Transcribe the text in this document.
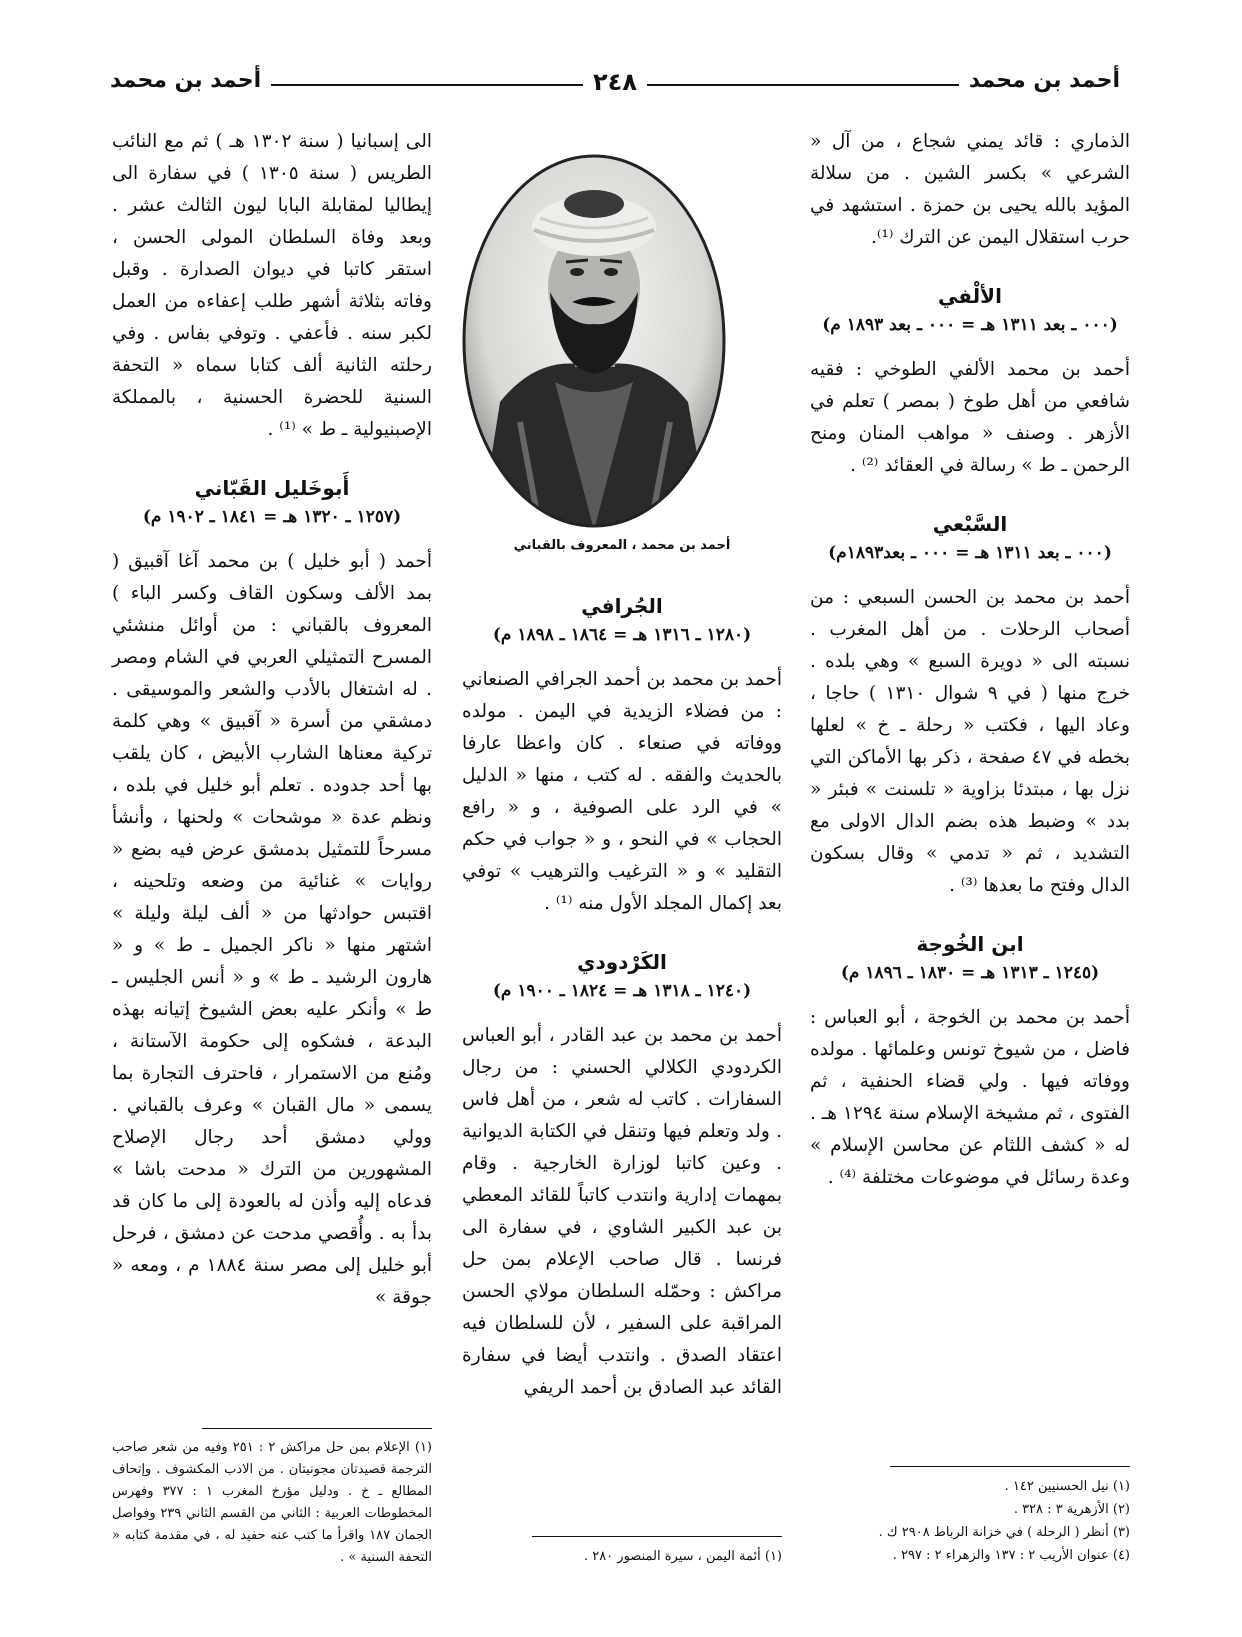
أحمد بن محمد
٢٤٨
أحمد بن محمد

الذماري : قائد يمني شجاع ، من آل « الشرعي » بكسر الشين . من سلالة المؤيد بالله يحيى بن حمزة . استشهد في حرب استقلال اليمن عن الترك ⁽¹⁾.

الألْفي

(٠٠٠ ـ بعد ١٣١١ هـ = ٠٠٠ ـ بعد ١٨٩٣ م)

أحمد بن محمد الألفي الطوخي : فقيه شافعي من أهل طوخ ( بمصر ) تعلم في الأزهر . وصنف « مواهب المنان ومنح الرحمن ـ ط » رسالة في العقائد ⁽²⁾ .

السَّبْعي

(٠٠٠ ـ بعد ١٣١١ هـ = ٠٠٠ ـ بعد١٨٩٣م)

أحمد بن محمد بن الحسن السبعي : من أصحاب الرحلات . من أهل المغرب . نسبته الى « دويرة السبع » وهي بلده . خرج منها ( في ٩ شوال ١٣١٠ ) حاجا ، وعاد اليها ، فكتب « رحلة ـ خ » لعلها بخطه في ٤٧ صفحة ، ذكر بها الأماكن التي نزل بها ، مبتدئا بزاوية « تلسنت » فبئر « بدد » وضبط هذه بضم الدال الاولى مع التشديد ، ثم « تدمي » وقال بسكون الدال وفتح ما بعدها ⁽³⁾ .

ابن الخُوجة

(١٢٤٥ ـ ١٣١٣ هـ = ١٨٣٠ ـ ١٨٩٦ م)

أحمد بن محمد بن الخوجة ، أبو العباس : فاضل ، من شيوخ تونس وعلمائها . مولده ووفاته فيها . ولي قضاء الحنفية ، ثم الفتوى ، ثم مشيخة الإسلام سنة ١٢٩٤ هـ . له « كشف اللثام عن محاسن الإسلام » وعدة رسائل في موضوعات مختلفة ⁽⁴⁾ .

(١) نيل الحسنيين ١٤٢ .

(٢) الأزهرية ٣ : ٣٢٨ .

(٣) أنظر ( الرحلة ) في خزانة الرباط ٢٩٠٨ ك .

(٤) عنوان الأريب ٢ : ١٣٧ والزهراء ٢ : ٢٩٧ .

أحمد بن محمد ، المعروف بالقباني

الجُرافي

(١٢٨٠ ـ ١٣١٦ هـ = ١٨٦٤ ـ ١٨٩٨ م)

أحمد بن محمد بن أحمد الجرافي الصنعاني : من فضلاء الزيدية في اليمن . مولده ووفاته في صنعاء . كان واعظا عارفا بالحديث والفقه . له كتب ، منها « الدليل » في الرد على الصوفية ، و « رافع الحجاب » في النحو ، و « جواب في حكم التقليد » و « الترغيب والترهيب » توفي بعد إكمال المجلد الأول منه ⁽¹⁾ .

الكَرْدودي

(١٢٤٠ ـ ١٣١٨ هـ = ١٨٢٤ ـ ١٩٠٠ م)

أحمد بن محمد بن عبد القادر ، أبو العباس الكردودي الكلالي الحسني : من رجال السفارات . كاتب له شعر ، من أهل فاس . ولد وتعلم فيها وتنقل في الكتابة الديوانية . وعين كاتبا لوزارة الخارجية . وقام بمهمات إدارية وانتدب كاتباً للقائد المعطي بن عبد الكبير الشاوي ، في سفارة الى فرنسا . قال صاحب الإعلام بمن حل مراكش : وحمّله السلطان مولاي الحسن المراقبة على السفير ، لأن للسلطان فيه اعتقاد الصدق . وانتدب أيضا في سفارة القائد عبد الصادق بن أحمد الريفي

(١) أئمة اليمن ، سيرة المنصور ٢٨٠ .

الى إسبانيا ( سنة ١٣٠٢ هـ ) ثم مع النائب الطريس ( سنة ١٣٠٥ ) في سفارة الى إيطاليا لمقابلة البابا ليون الثالث عشر . وبعد وفاة السلطان المولى الحسن ، استقر كاتبا في ديوان الصدارة . وقبل وفاته بثلاثة أشهر طلب إعفاءه من العمل لكبر سنه . فأعفي . وتوفي بفاس . وفي رحلته الثانية ألف كتابا سماه « التحفة السنية للحضرة الحسنية ، بالمملكة الإصبنيولية ـ ط » ⁽¹⁾ .

أَبوخَليل القَبّاني

(١٢٥٧ ـ ١٣٢٠ هـ = ١٨٤١ ـ ١٩٠٢ م)

أحمد ( أبو خليل ) بن محمد آغا آقبيق ( بمد الألف وسكون القاف وكسر الباء ) المعروف بالقباني : من أوائل منشئي المسرح التمثيلي العربي في الشام ومصر . له اشتغال بالأدب والشعر والموسيقى . دمشقي من أسرة « آقبيق » وهي كلمة تركية معناها الشارب الأبيض ، كان يلقب بها أحد جدوده . تعلم أبو خليل في بلده ، ونظم عدة « موشحات » ولحنها ، وأنشأ مسرحاً للتمثيل بدمشق عرض فيه بضع « روايات » غنائية من وضعه وتلحينه ، اقتبس حوادثها من « ألف ليلة وليلة » اشتهر منها « ناكر الجميل ـ ط » و « هارون الرشيد ـ ط » و « أنس الجليس ـ ط » وأنكر عليه بعض الشيوخ إتيانه بهذه البدعة ، فشكوه إلى حكومة الآستانة ، ومُنع من الاستمرار ، فاحترف التجارة بما يسمى « مال القبان » وعرف بالقباني . وولي دمشق أحد رجال الإصلاح المشهورين من الترك « مدحت باشا » فدعاه إليه وأذن له بالعودة إلى ما كان قد بدأ به . وأُقصي مدحت عن دمشق ، فرحل أبو خليل إلى مصر سنة ١٨٨٤ م ، ومعه « جوقة »

(١) الإعلام بمن حل مراكش ٢ : ٢٥١ وفيه من شعر صاحب الترجمة قصيدتان مجونيتان . من الادب المكشوف . وإتحاف المطالع ـ خ . ودليل مؤرخ المغرب ١ : ٣٧٧ وفهرس المخطوطات العربية : الثاني من القسم الثاني ٢٣٩ وفواصل الجمان ١٨٧ واقرأ ما كتب عنه حفيد له ، في مقدمة كتابه « التحفة السنية » .
